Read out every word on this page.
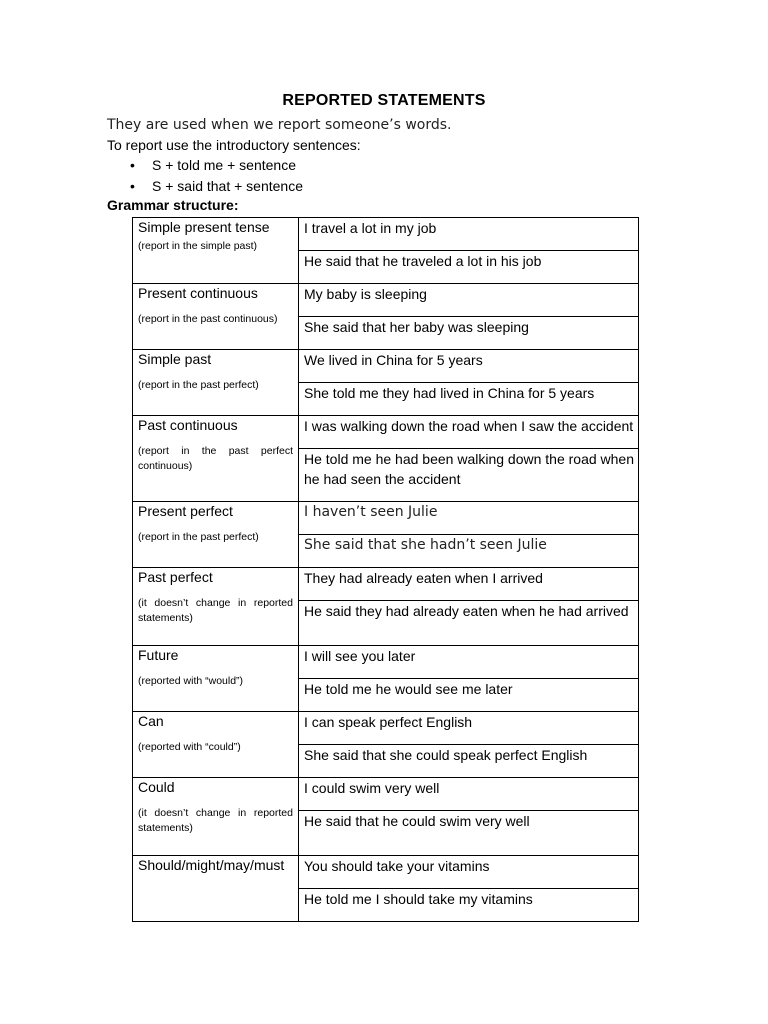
REPORTED STATEMENTS
They are used when we report someone’s words.
To report use the introductory sentences:
• S + told me + sentence
• S + said that + sentence
Grammar structure:
Simple present tense
(report in the simple past)	I travel a lot in my job
	He said that he traveled a lot in his job

Present continuous
(report in the past continuous)	My baby is sleeping
	She said that her baby was sleeping

Simple past
(report in the past perfect)	We lived in China for 5 years
	She told me they had lived in China for 5 years

Past continuous
(report in the past perfect continuous)	I was walking down the road when I saw the accident
	He told me he had been walking down the road when he had seen the accident

Present perfect
(report in the past perfect)	I haven’t seen Julie
	She said that she hadn’t seen Julie

Past perfect
(it doesn’t change in reported statements)	They had already eaten when I arrived
	He said they had already eaten when he had arrived

Future
(reported with “would”)	I will see you later
	He told me he would see me later

Can
(reported with “could”)	I can speak perfect English
	She said that she could speak perfect English

Could
(it doesn’t change in reported statements)	I could swim very well
	He said that he could swim very well

Should/might/may/must	You should take your vitamins
	He told me I should take my vitamins
